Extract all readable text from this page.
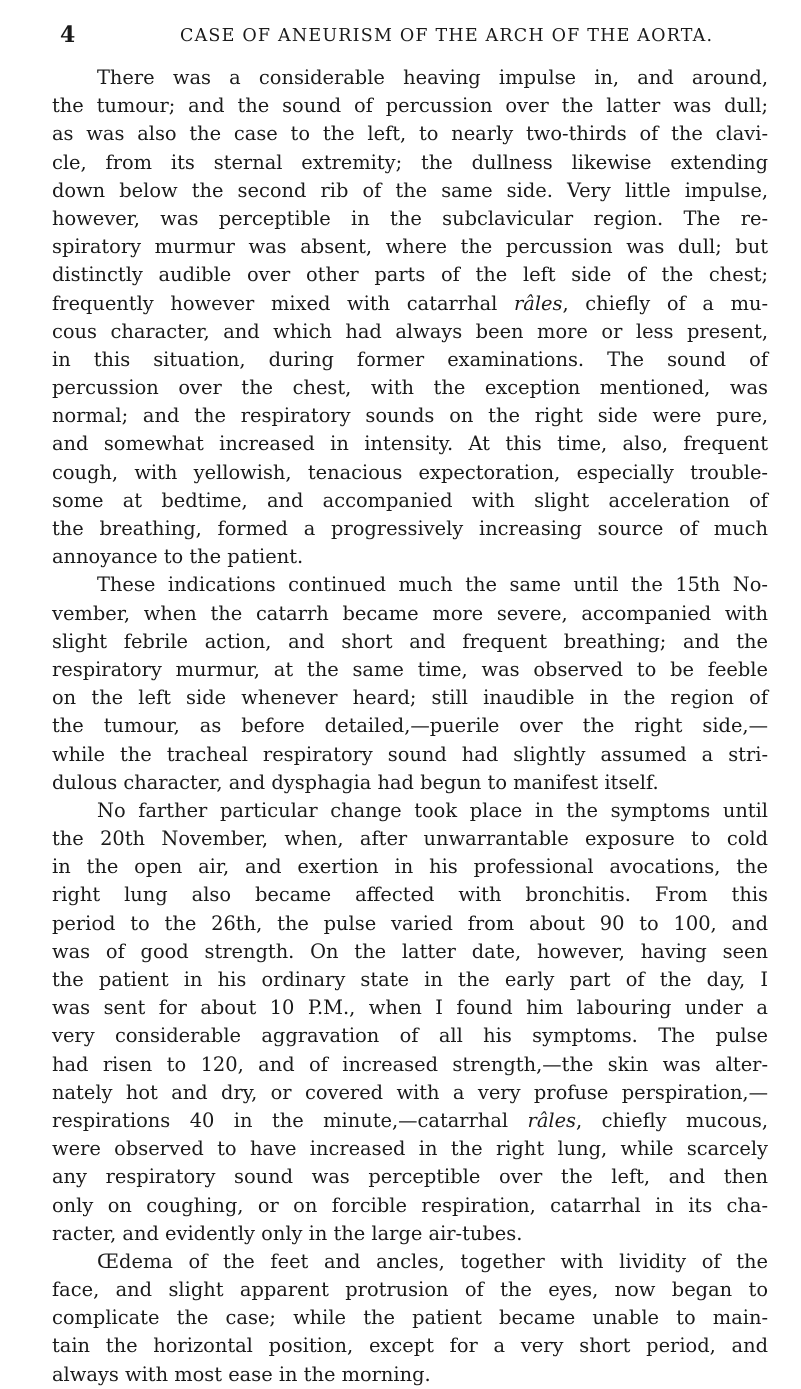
4	CASE OF ANEURISM OF THE ARCH OF THE AORTA.
There was a considerable heaving impulse in, and around,
the tumour; and the sound of percussion over the latter was dull;
as was also the case to the left, to nearly two-thirds of the clavi-
cle, from its sternal extremity; the dullness likewise extending
down below the second rib of the same side. Very little impulse,
however, was perceptible in the subclavicular region. The re-
spiratory murmur was absent, where the percussion was dull; but
distinctly audible over other parts of the left side of the chest;
frequently however mixed with catarrhal râles, chiefly of a mu-
cous character, and which had always been more or less present,
in this situation, during former examinations. The sound of
percussion over the chest, with the exception mentioned, was
normal; and the respiratory sounds on the right side were pure,
and somewhat increased in intensity. At this time, also, frequent
cough, with yellowish, tenacious expectoration, especially trouble-
some at bedtime, and accompanied with slight acceleration of
the breathing, formed a progressively increasing source of much
annoyance to the patient.
These indications continued much the same until the 15th No-
vember, when the catarrh became more severe, accompanied with
slight febrile action, and short and frequent breathing; and the
respiratory murmur, at the same time, was observed to be feeble
on the left side whenever heard; still inaudible in the region of
the tumour, as before detailed,—puerile over the right side,—
while the tracheal respiratory sound had slightly assumed a stri-
dulous character, and dysphagia had begun to manifest itself.
No farther particular change took place in the symptoms until
the 20th November, when, after unwarrantable exposure to cold
in the open air, and exertion in his professional avocations, the
right lung also became affected with bronchitis. From this
period to the 26th, the pulse varied from about 90 to 100, and
was of good strength. On the latter date, however, having seen
the patient in his ordinary state in the early part of the day, I
was sent for about 10 P.M., when I found him labouring under a
very considerable aggravation of all his symptoms. The pulse
had risen to 120, and of increased strength,—the skin was alter-
nately hot and dry, or covered with a very profuse perspiration,—
respirations 40 in the minute,—catarrhal râles, chiefly mucous,
were observed to have increased in the right lung, while scarcely
any respiratory sound was perceptible over the left, and then
only on coughing, or on forcible respiration, catarrhal in its cha-
racter, and evidently only in the large air-tubes.
Œdema of the feet and ancles, together with lividity of the
face, and slight apparent protrusion of the eyes, now began to
complicate the case; while the patient became unable to main-
tain the horizontal position, except for a very short period, and
always with most ease in the morning.
